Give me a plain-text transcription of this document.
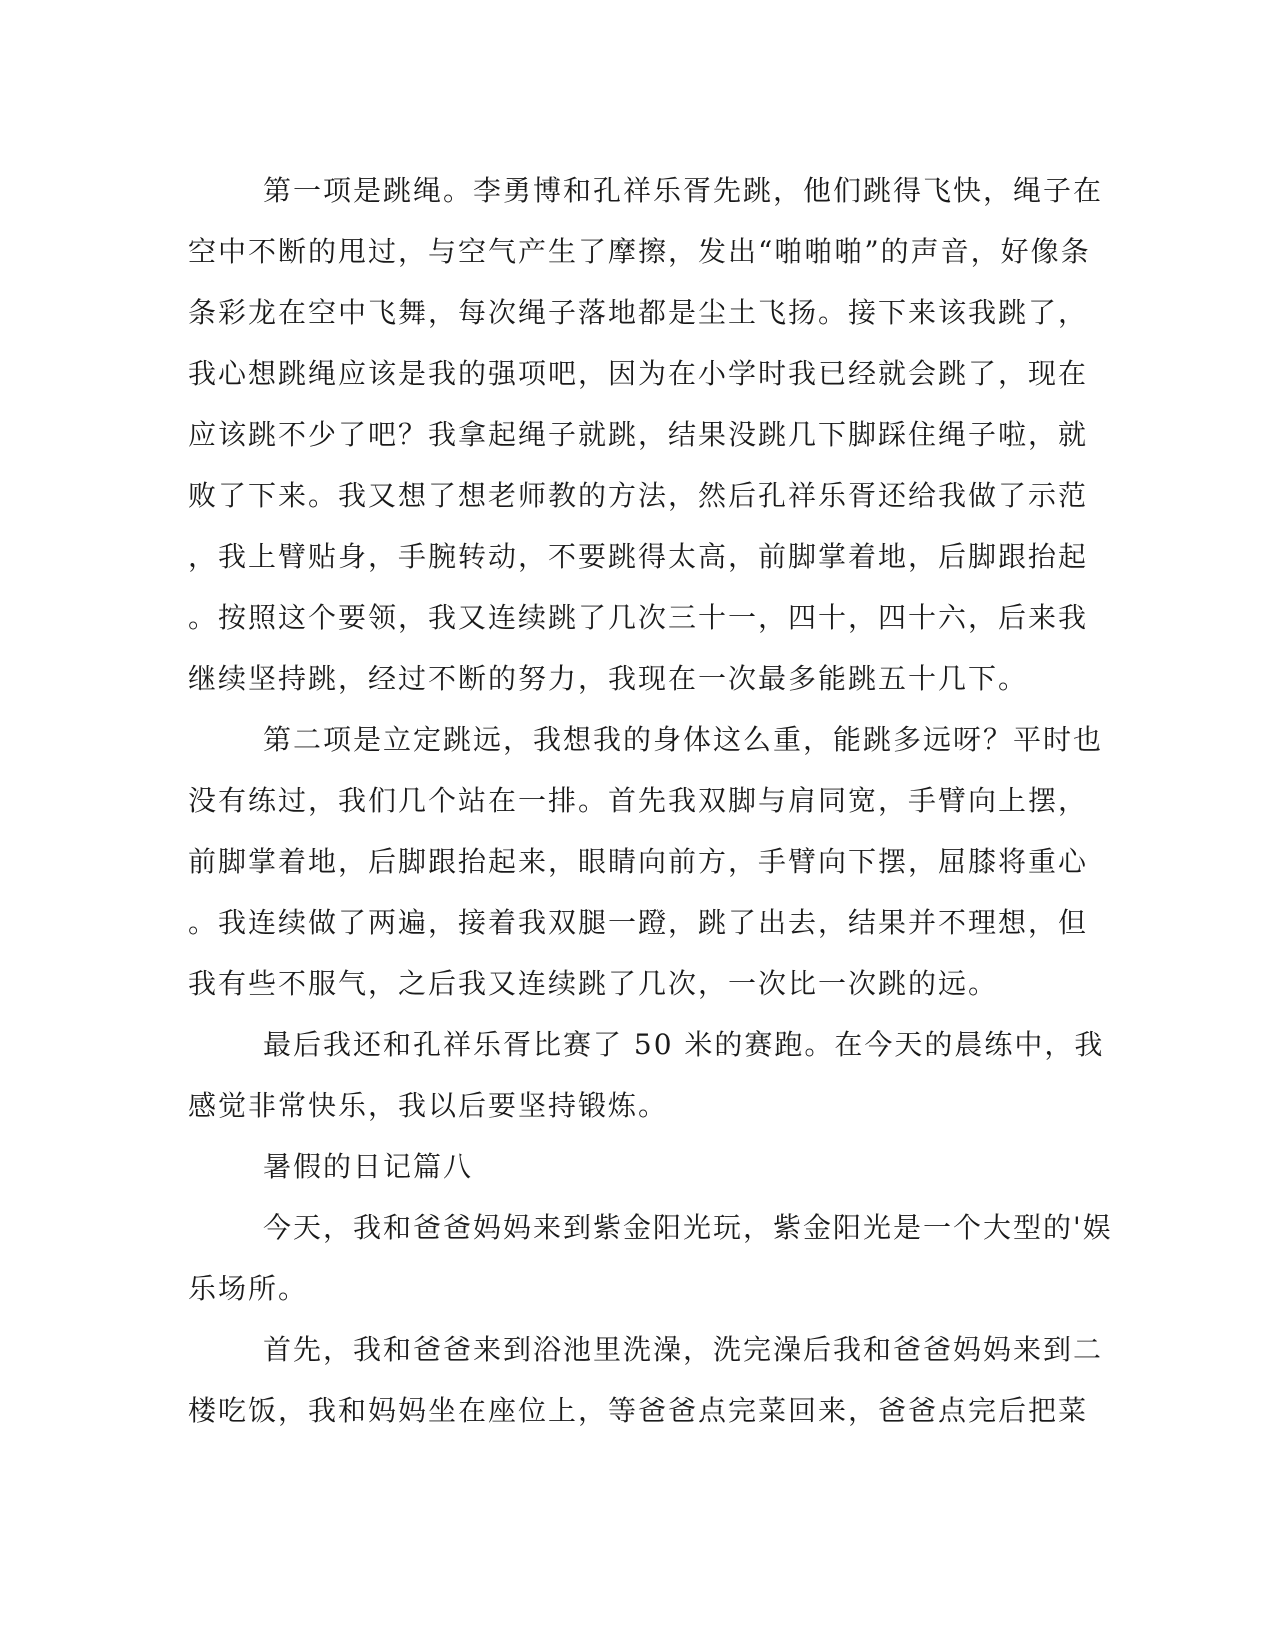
第一项是跳绳。李勇博和孔祥乐胥先跳，他们跳得飞快，绳子在
空中不断的甩过，与空气产生了摩擦，发出“啪啪啪”的声音，好像条
条彩龙在空中飞舞，每次绳子落地都是尘土飞扬。接下来该我跳了，
我心想跳绳应该是我的强项吧，因为在小学时我已经就会跳了，现在
应该跳不少了吧？我拿起绳子就跳，结果没跳几下脚踩住绳子啦，就
败了下来。我又想了想老师教的方法，然后孔祥乐胥还给我做了示范
，我上臂贴身，手腕转动，不要跳得太高，前脚掌着地，后脚跟抬起
。按照这个要领，我又连续跳了几次三十一，四十，四十六，后来我
继续坚持跳，经过不断的努力，我现在一次最多能跳五十几下。
第二项是立定跳远，我想我的身体这么重，能跳多远呀？平时也
没有练过，我们几个站在一排。首先我双脚与肩同宽，手臂向上摆，
前脚掌着地，后脚跟抬起来，眼睛向前方，手臂向下摆，屈膝将重心
。我连续做了两遍，接着我双腿一蹬，跳了出去，结果并不理想，但
我有些不服气，之后我又连续跳了几次，一次比一次跳的远。
最后我还和孔祥乐胥比赛了 50 米的赛跑。在今天的晨练中，我
感觉非常快乐，我以后要坚持锻炼。
暑假的日记篇八
今天，我和爸爸妈妈来到紫金阳光玩，紫金阳光是一个大型的'娱
乐场所。
首先，我和爸爸来到浴池里洗澡，洗完澡后我和爸爸妈妈来到二
楼吃饭，我和妈妈坐在座位上，等爸爸点完菜回来，爸爸点完后把菜
